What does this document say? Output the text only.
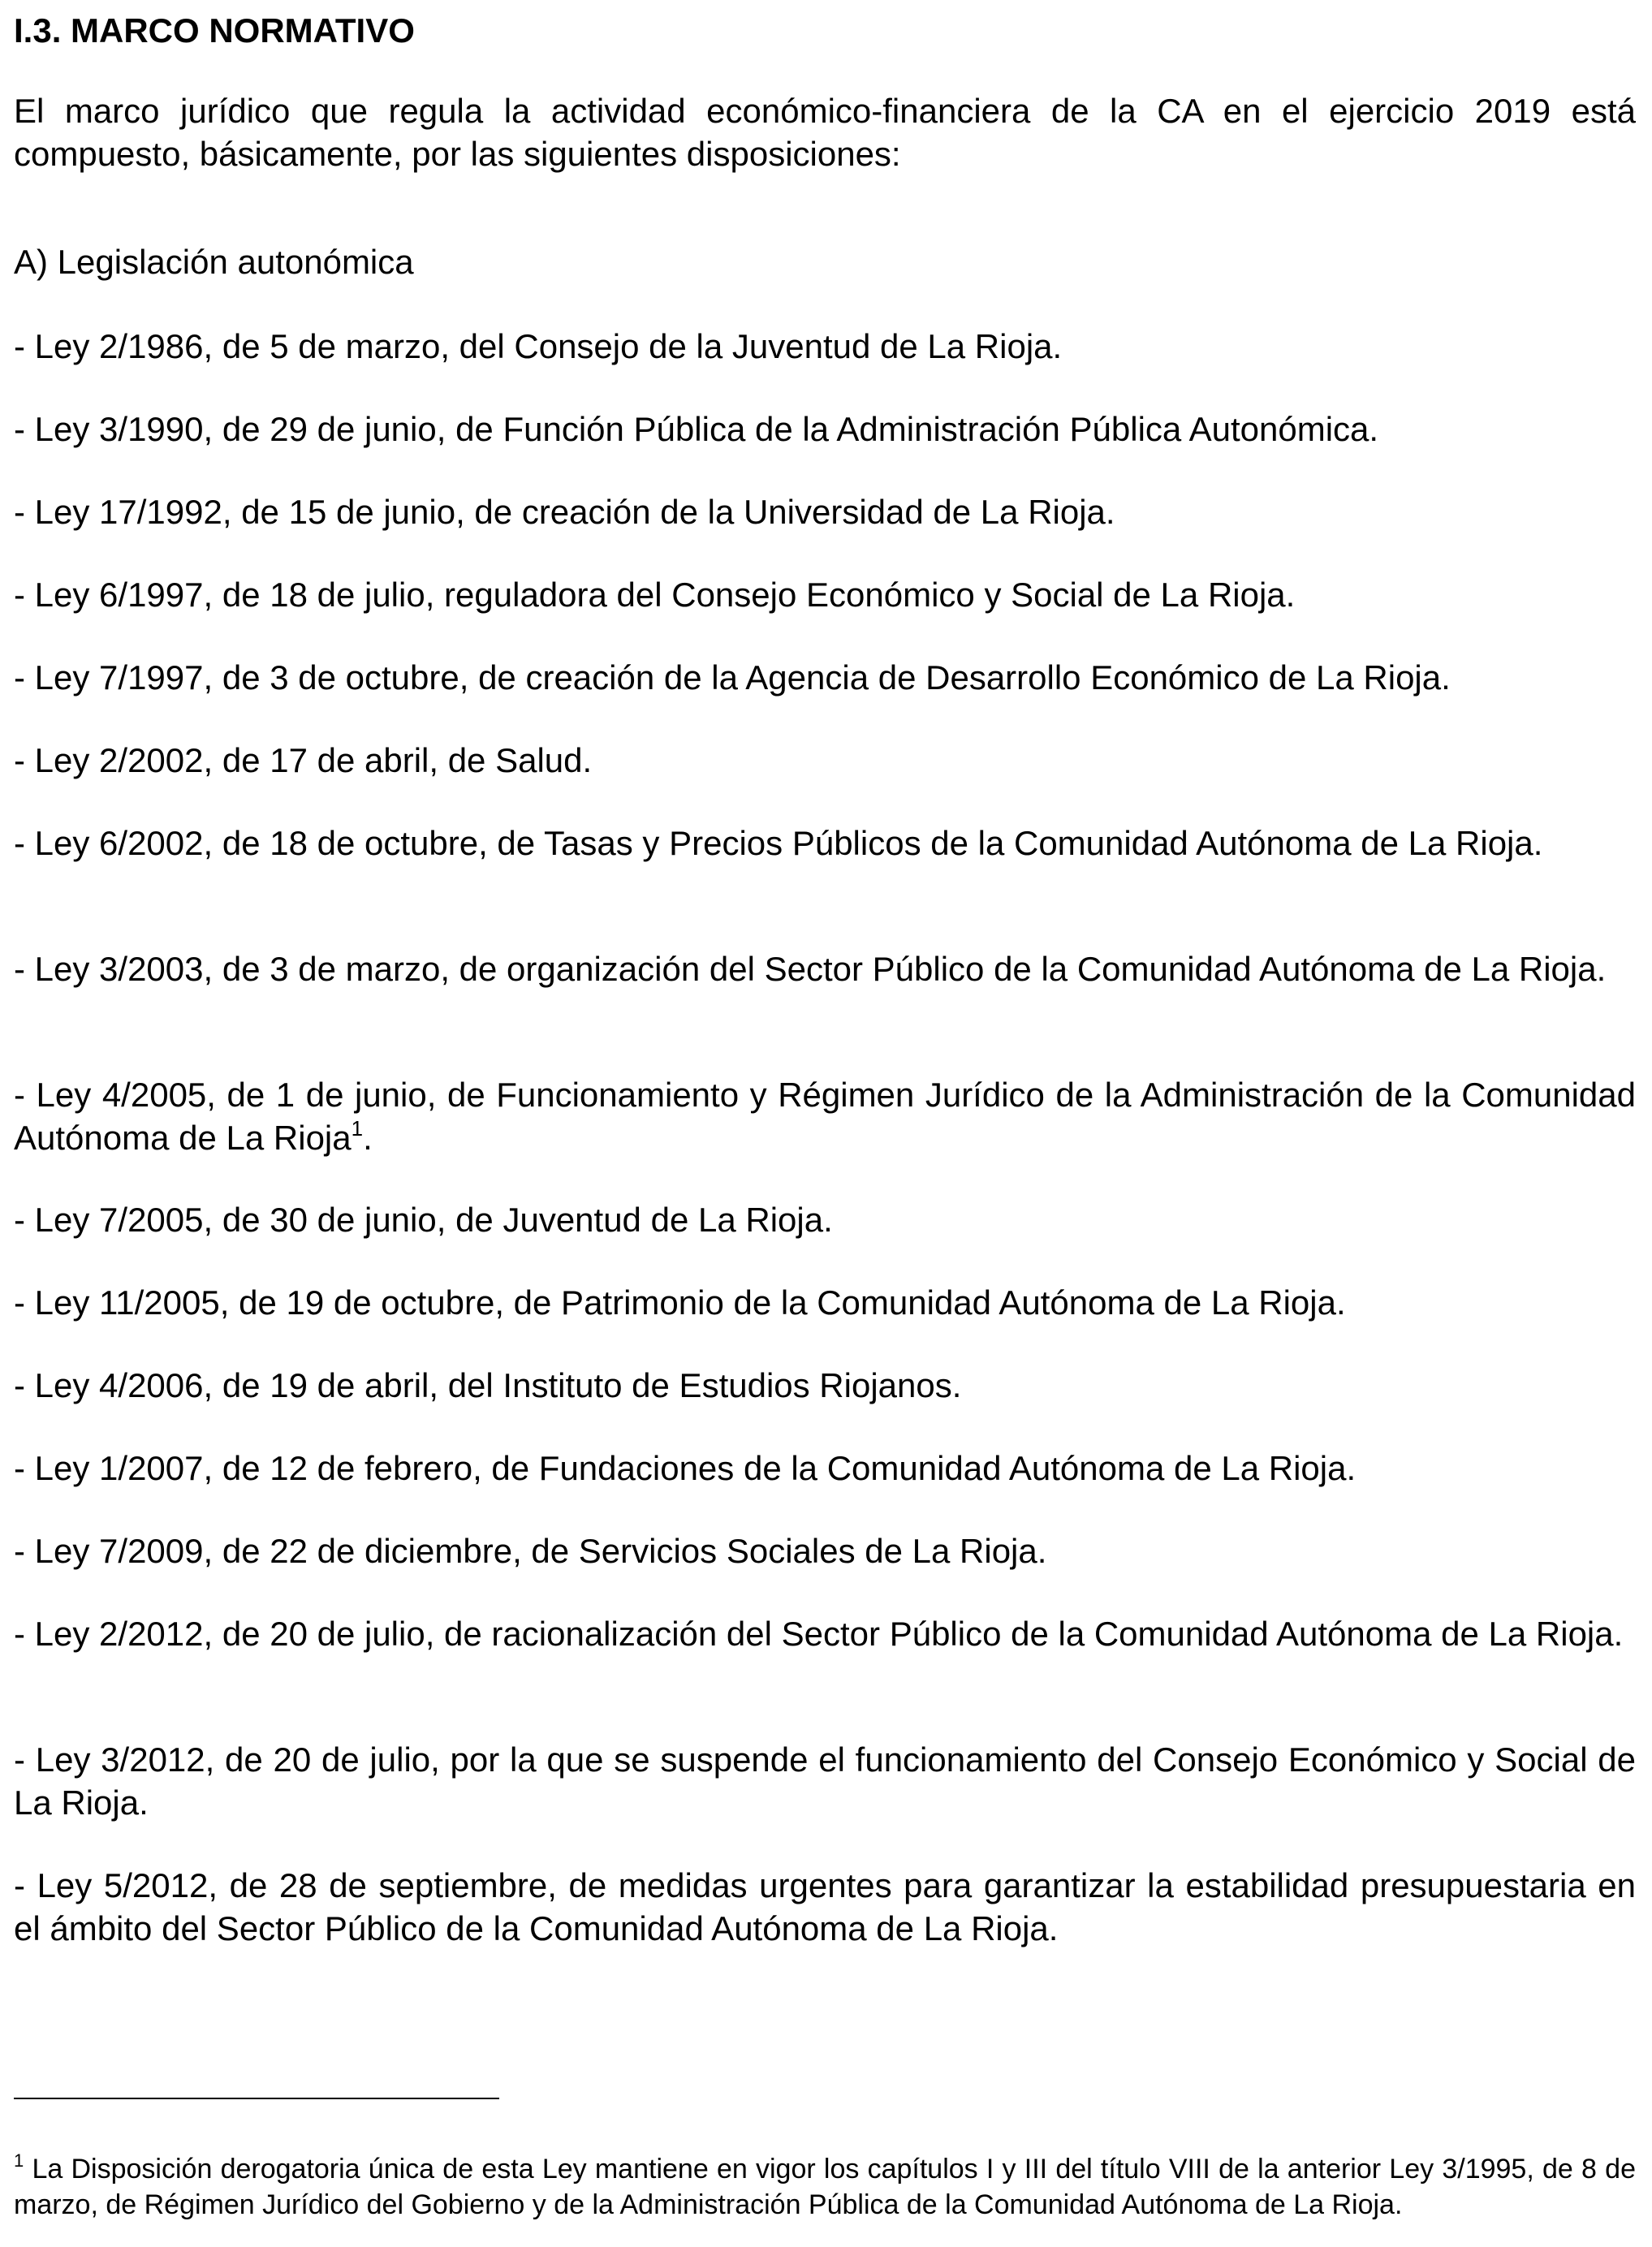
I.3. MARCO NORMATIVO

El marco jurídico que regula la actividad económico-financiera de la CA en el ejercicio 2019 está compuesto, básicamente, por las siguientes disposiciones:

A) Legislación autonómica

- Ley 2/1986, de 5 de marzo, del Consejo de la Juventud de La Rioja.

- Ley 3/1990, de 29 de junio, de Función Pública de la Administración Pública Autonómica.

- Ley 17/1992, de 15 de junio, de creación de la Universidad de La Rioja.

- Ley 6/1997, de 18 de julio, reguladora del Consejo Económico y Social de La Rioja.

- Ley 7/1997, de 3 de octubre, de creación de la Agencia de Desarrollo Económico de La Rioja.

- Ley 2/2002, de 17 de abril, de Salud.

- Ley 6/2002, de 18 de octubre, de Tasas y Precios Públicos de la Comunidad Autónoma de La Rioja.

- Ley 3/2003, de 3 de marzo, de organización del Sector Público de la Comunidad Autónoma de La Rioja.

- Ley 4/2005, de 1 de junio, de Funcionamiento y Régimen Jurídico de la Administración de la Comunidad Autónoma de La Rioja$^1$.

- Ley 7/2005, de 30 de junio, de Juventud de La Rioja.

- Ley 11/2005, de 19 de octubre, de Patrimonio de la Comunidad Autónoma de La Rioja.

- Ley 4/2006, de 19 de abril, del Instituto de Estudios Riojanos.

- Ley 1/2007, de 12 de febrero, de Fundaciones de la Comunidad Autónoma de La Rioja.

- Ley 7/2009, de 22 de diciembre, de Servicios Sociales de La Rioja.

- Ley 2/2012, de 20 de julio, de racionalización del Sector Público de la Comunidad Autónoma de La Rioja.

- Ley 3/2012, de 20 de julio, por la que se suspende el funcionamiento del Consejo Económico y Social de La Rioja.

- Ley 5/2012, de 28 de septiembre, de medidas urgentes para garantizar la estabilidad presupuestaria en el ámbito del Sector Público de la Comunidad Autónoma de La Rioja.

$^1$ La Disposición derogatoria única de esta Ley mantiene en vigor los capítulos I y III del título VIII de la anterior Ley 3/1995, de 8 de marzo, de Régimen Jurídico del Gobierno y de la Administración Pública de la Comunidad Autónoma de La Rioja.
